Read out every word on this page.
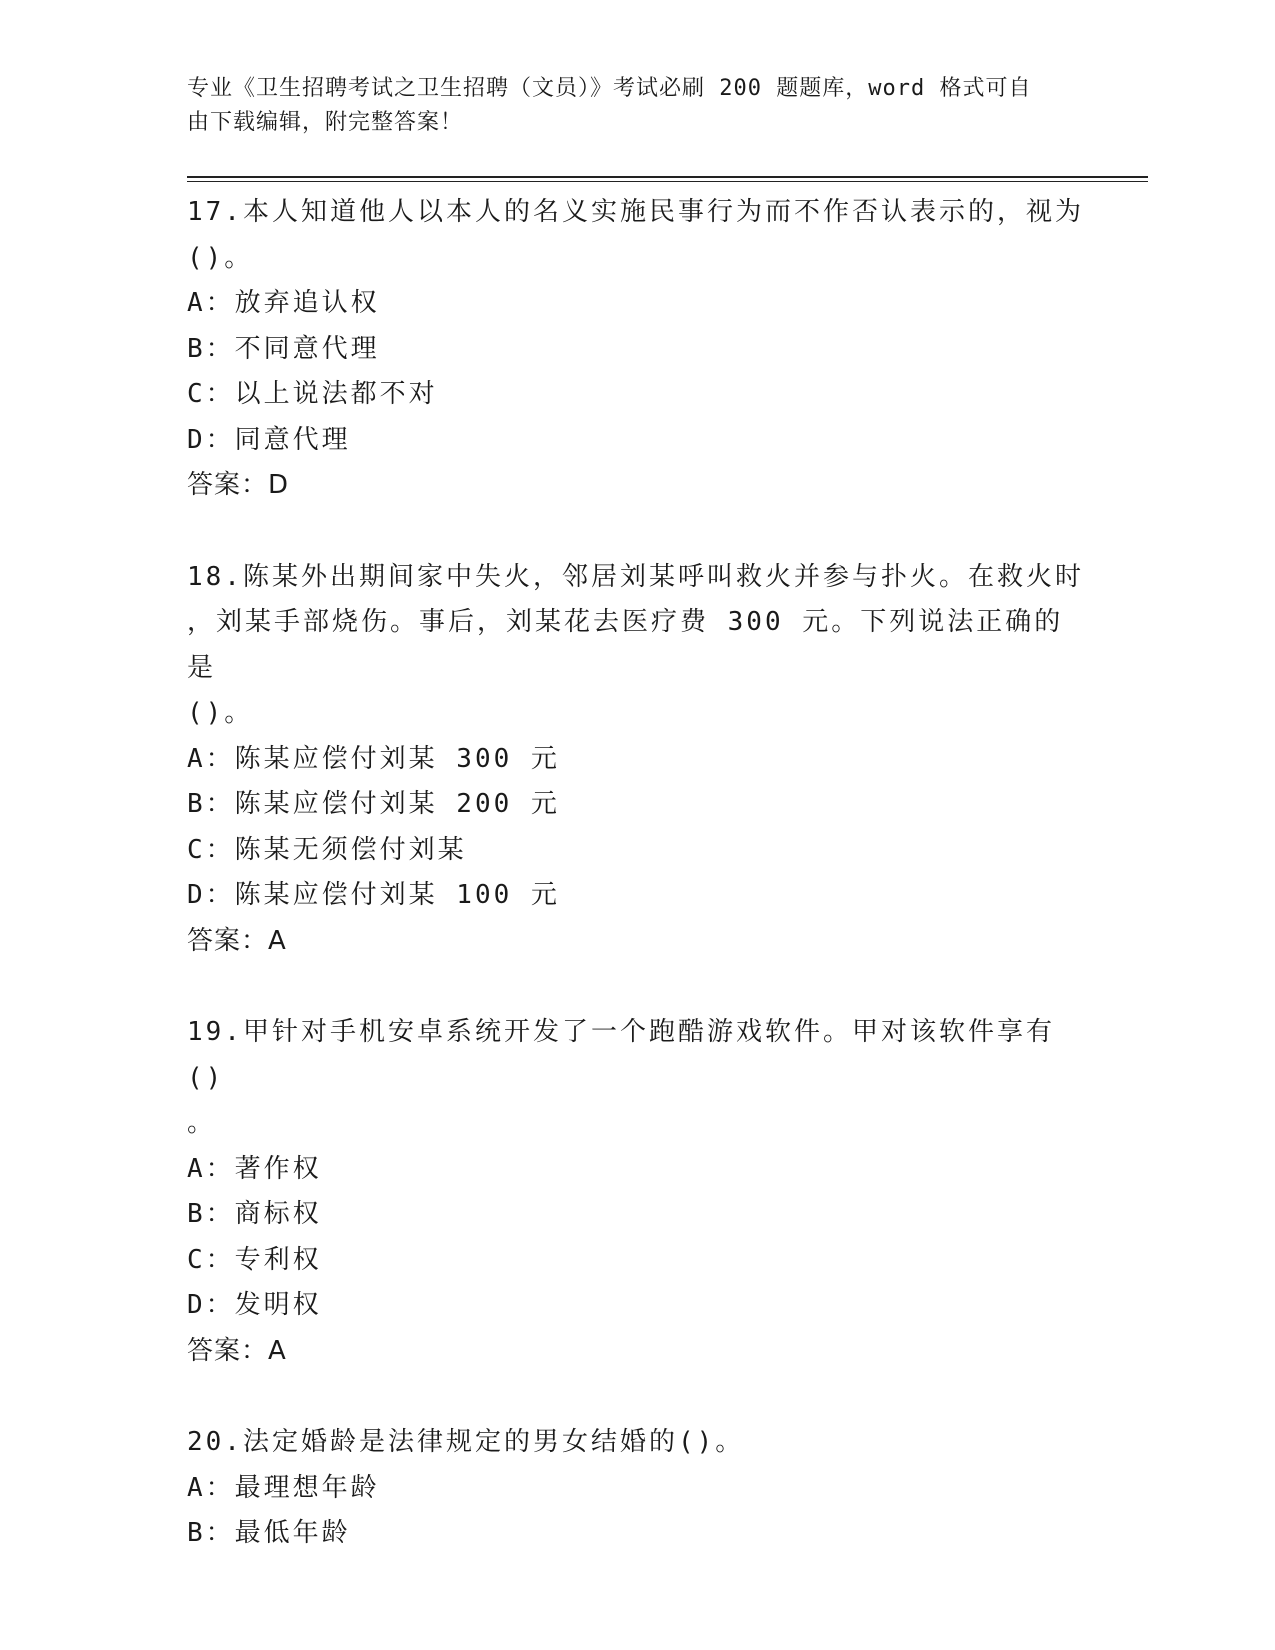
专业《卫生招聘考试之卫生招聘（文员）》考试必刷 200 题题库，word 格式可自
由下载编辑，附完整答案！
17.本人知道他人以本人的名义实施民事行为而不作否认表示的，视为
()。
A：放弃追认权
B：不同意代理
C：以上说法都不对
D：同意代理
答案：D
18.陈某外出期间家中失火，邻居刘某呼叫救火并参与扑火。在救火时
，刘某手部烧伤。事后，刘某花去医疗费 300 元。下列说法正确的是
()。
A：陈某应偿付刘某 300 元
B：陈某应偿付刘某 200 元
C：陈某无须偿付刘某
D：陈某应偿付刘某 100 元
答案：A
19.甲针对手机安卓系统开发了一个跑酷游戏软件。甲对该软件享有()
。
A：著作权
B：商标权
C：专利权
D：发明权
答案：A
20.法定婚龄是法律规定的男女结婚的()。
A：最理想年龄
B：最低年龄
